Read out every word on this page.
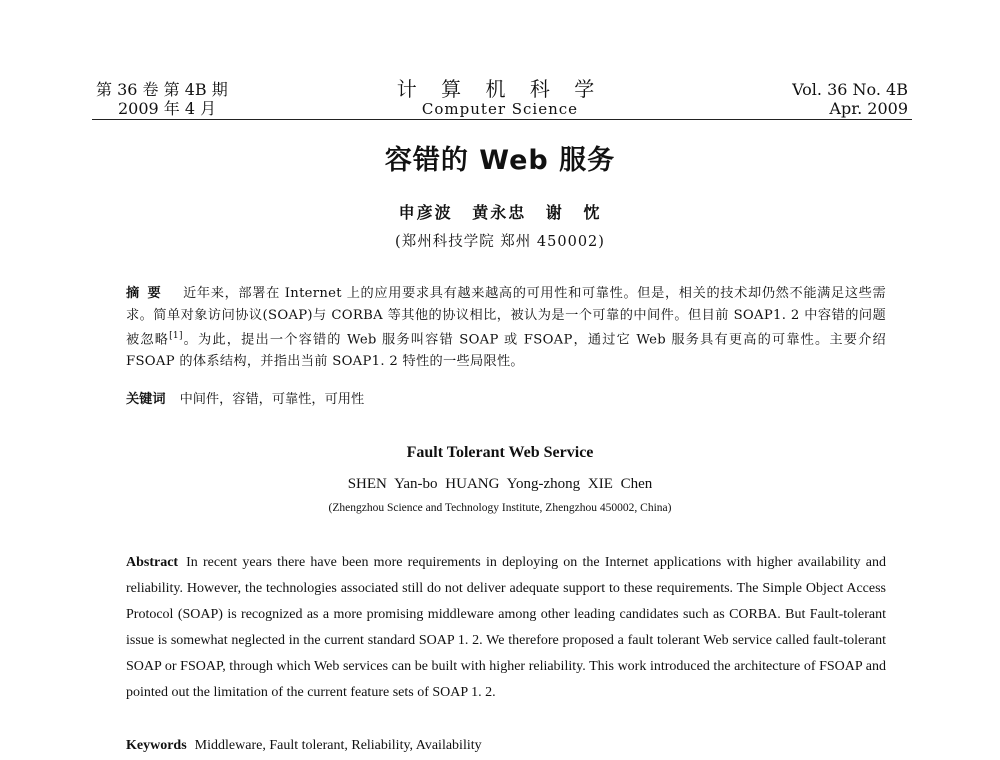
第 36 卷 第 4B 期
2009 年 4 月
计 算 机 科 学
Computer Science
Vol. 36 No. 4B
Apr. 2009
容错的 Web 服务
申彦波 黄永忠 谢 忱
(郑州科技学院 郑州 450002)
摘要 近年来，部署在 Internet 上的应用要求具有越来越高的可用性和可靠性。但是，相关的技术却仍然不能满足这些需求。简单对象访问协议(SOAP)与 CORBA 等其他的协议相比，被认为是一个可靠的中间件。但目前 SOAP1. 2 中容错的问题被忽略[1]。为此，提出一个容错的 Web 服务叫容错 SOAP 或 FSOAP，通过它 Web 服务具有更高的可靠性。主要介绍 FSOAP 的体系结构，并指出当前 SOAP1. 2 特性的一些局限性。
关键词 中间件，容错，可靠性，可用性
Fault Tolerant Web Service
SHEN Yan-bo HUANG Yong-zhong XIE Chen
(Zhengzhou Science and Technology Institute, Zhengzhou 450002, China)
Abstract In recent years there have been more requirements in deploying on the Internet applications with higher availability and reliability. However, the technologies associated still do not deliver adequate support to these requirements. The Simple Object Access Protocol (SOAP) is recognized as a more promising middleware among other leading candidates such as CORBA. But Fault-tolerant issue is somewhat neglected in the current standard SOAP 1. 2. We therefore proposed a fault tolerant Web service called fault-tolerant SOAP or FSOAP, through which Web services can be built with higher reliability. This work introduced the architecture of FSOAP and pointed out the limitation of the current feature sets of SOAP 1. 2.
Keywords Middleware, Fault tolerant, Reliability, Availability
